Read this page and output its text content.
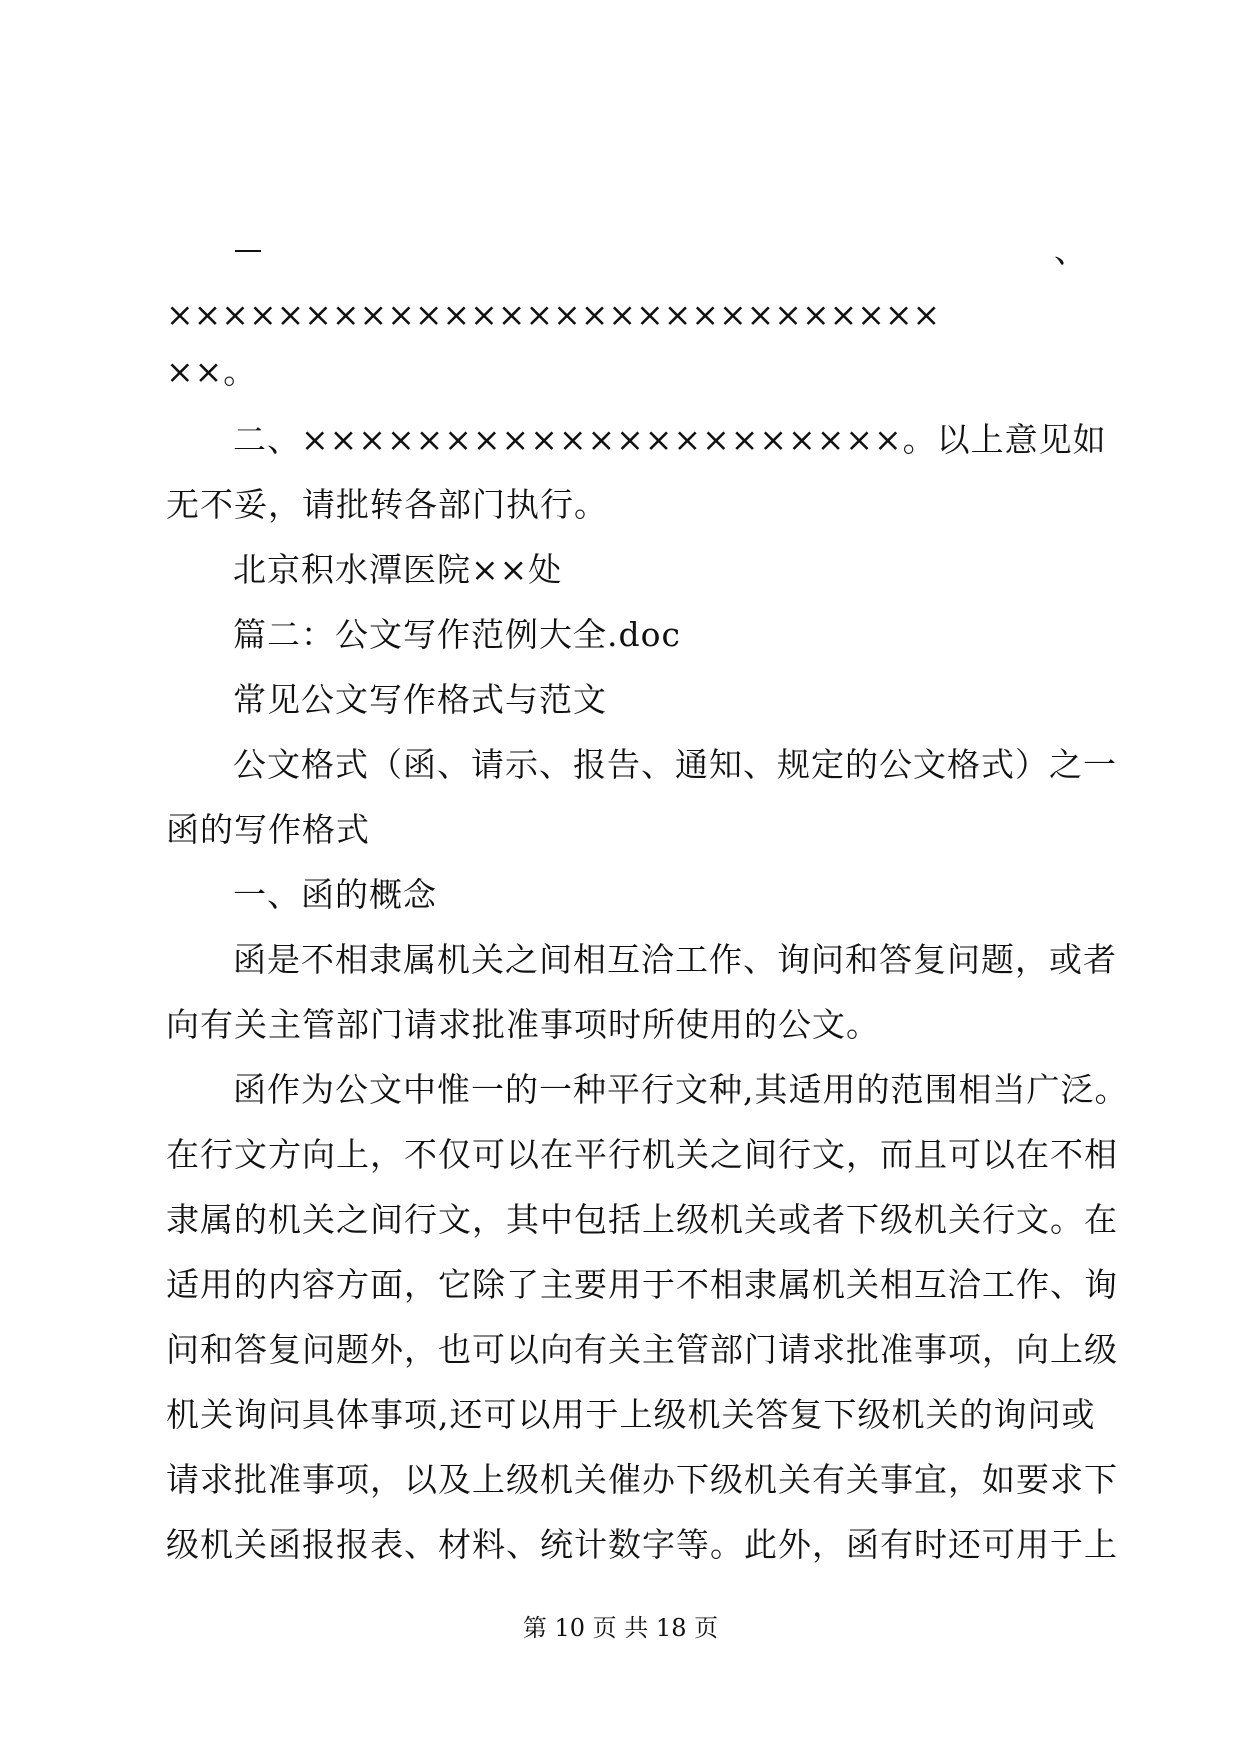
、
××××××××××××××××××××××××××××
××。
二、×××××××××××××××××××××。以上意见如
无不妥，请批转各部门执行。
北京积水潭医院××处
篇二：公文写作范例大全.doc
常见公文写作格式与范文
公文格式（函、请示、报告、通知、规定的公文格式）之一
函的写作格式
一、函的概念
函是不相隶属机关之间相互洽工作、询问和答复问题，或者
向有关主管部门请求批准事项时所使用的公文。
函作为公文中惟一的一种平行文种,其适用的范围相当广泛。
在行文方向上，不仅可以在平行机关之间行文，而且可以在不相
隶属的机关之间行文，其中包括上级机关或者下级机关行文。在
适用的内容方面，它除了主要用于不相隶属机关相互洽工作、询
问和答复问题外，也可以向有关主管部门请求批准事项，向上级
机关询问具体事项,还可以用于上级机关答复下级机关的询问或
请求批准事项，以及上级机关催办下级机关有关事宜，如要求下
级机关函报报表、材料、统计数字等。此外，函有时还可用于上
第 10 页 共 18 页
